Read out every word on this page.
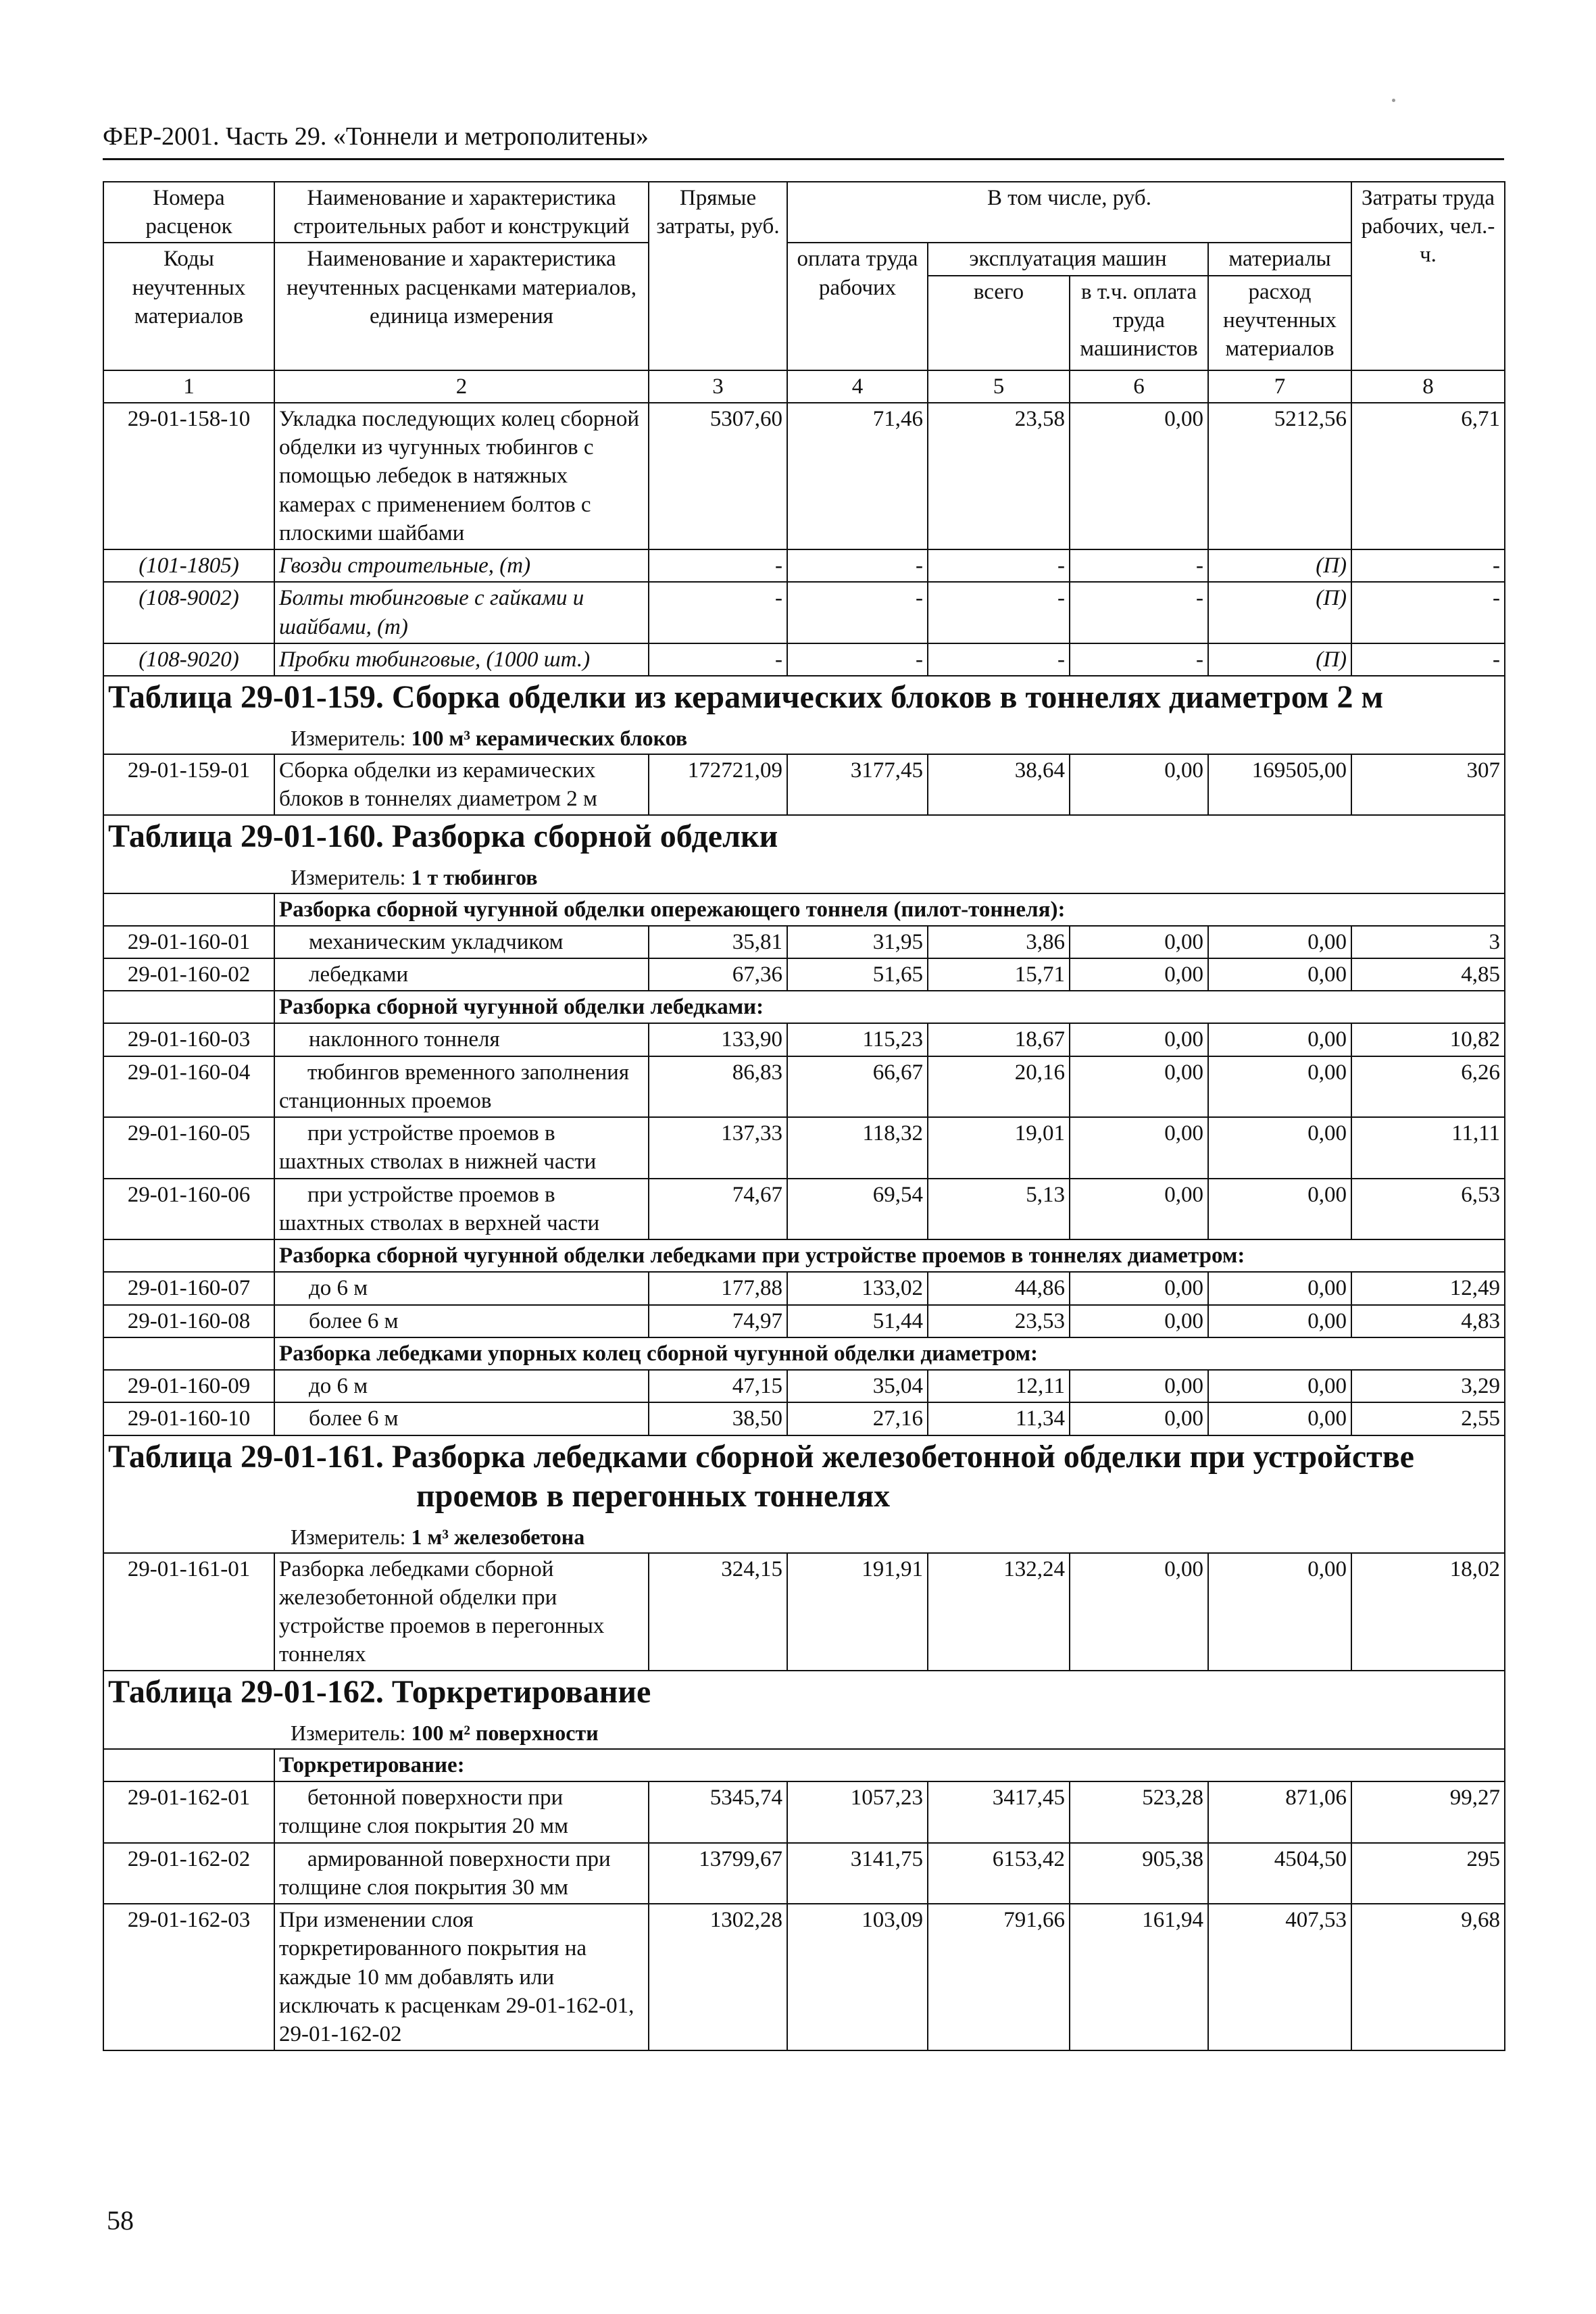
ФЕР-2001. Часть 29. «Тоннели и метрополитены»
Номера расценок	Наименование и характеристика строительных работ и конструкций	Прямые затраты, руб.	В том числе, руб.				Затраты труда рабочих, чел.-ч.
Коды неучтенных материалов	Наименование и характеристика неучтенных расценками материалов, единица измерения		оплата труда рабочих	эксплуатация машин		материалы	
				всего	в т.ч. оплата труда машинистов	расход неучтенных материалов	
1	2	3	4	5	6	7	8
29-01-158-10	Укладка последующих колец сборной обделки из чугунных тюбингов с помощью лебедок в натяжных камерах с применением болтов с плоскими шайбами	5307,60	71,46	23,58	0,00	5212,56	6,71
(101-1805)	Гвозди строительные, (т)	-	-	-	-	(П)	-
(108-9002)	Болты тюбинговые с гайками и шайбами, (т)	-	-	-	-	(П)	-
(108-9020)	Пробки тюбинговые, (1000 шт.)	-	-	-	-	(П)	-

Таблица 29-01-159. Сборка обделки из керамических блоков в тоннелях диаметром 2 м
Измеритель: 100 м³ керамических блоков							

29-01-159-01	Сборка обделки из керамических блоков в тоннелях диаметром 2 м	172721,09	3177,45	38,64	0,00	169505,00	307

Таблица 29-01-160. Разборка сборной обделки
Измеритель: 1 т тюбингов							

	Разборка сборной чугунной обделки опережающего тоннеля (пилот-тоннеля):						
29-01-160-01	механическим укладчиком	35,81	31,95	3,86	0,00	0,00	3
29-01-160-02	лебедками	67,36	51,65	15,71	0,00	0,00	4,85
	Разборка сборной чугунной обделки лебедками:						
29-01-160-03	наклонного тоннеля	133,90	115,23	18,67	0,00	0,00	10,82
29-01-160-04	тюбингов временного заполнения станционных проемов	86,83	66,67	20,16	0,00	0,00	6,26
29-01-160-05	при устройстве проемов в шахтных стволах в нижней части	137,33	118,32	19,01	0,00	0,00	11,11
29-01-160-06	при устройстве проемов в шахтных стволах в верхней части	74,67	69,54	5,13	0,00	0,00	6,53
	Разборка сборной чугунной обделки лебедками при устройстве проемов в тоннелях диаметром:						
29-01-160-07	до 6 м	177,88	133,02	44,86	0,00	0,00	12,49
29-01-160-08	более 6 м	74,97	51,44	23,53	0,00	0,00	4,83
	Разборка лебедками упорных колец сборной чугунной обделки диаметром:						
29-01-160-09	до 6 м	47,15	35,04	12,11	0,00	0,00	3,29
29-01-160-10	более 6 м	38,50	27,16	11,34	0,00	0,00	2,55

Таблица 29-01-161. Разборка лебедками сборной железобетонной обделки при устройстве
проемов в перегонных тоннелях
Измеритель: 1 м³ железобетона							

29-01-161-01	Разборка лебедками сборной железобетонной обделки при устройстве проемов в перегонных тоннелях	324,15	191,91	132,24	0,00	0,00	18,02

Таблица 29-01-162. Торкретирование
Измеритель: 100 м² поверхности							

	Торкретирование:						
29-01-162-01	бетонной поверхности при толщине слоя покрытия 20 мм	5345,74	1057,23	3417,45	523,28	871,06	99,27
29-01-162-02	армированной поверхности при толщине слоя покрытия 30 мм	13799,67	3141,75	6153,42	905,38	4504,50	295
29-01-162-03	При изменении слоя торкретированного покрытия на каждые 10 мм добавлять или исключать к расценкам 29-01-162-01, 29-01-162-02	1302,28	103,09	791,66	161,94	407,53	9,68
58
